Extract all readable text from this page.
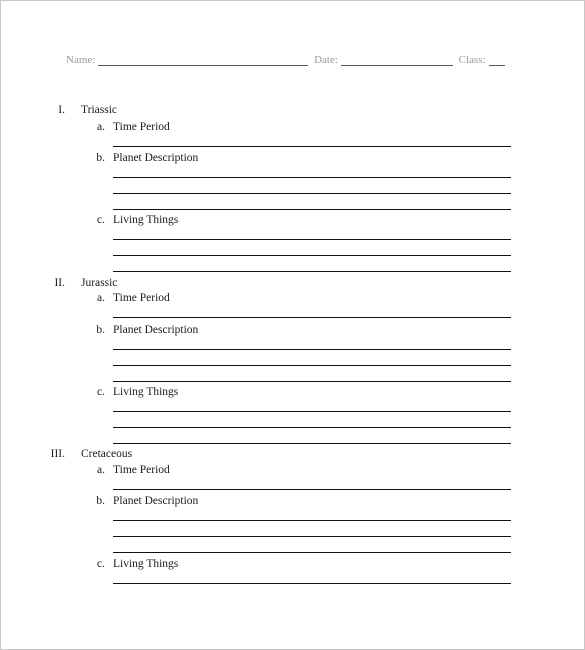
Name:	Date:	Class:
I. Triassic
a. Time Period
b. Planet Description
c. Living Things
II. Jurassic
a. Time Period
b. Planet Description
c. Living Things
III. Cretaceous
a. Time Period
b. Planet Description
c. Living Things
